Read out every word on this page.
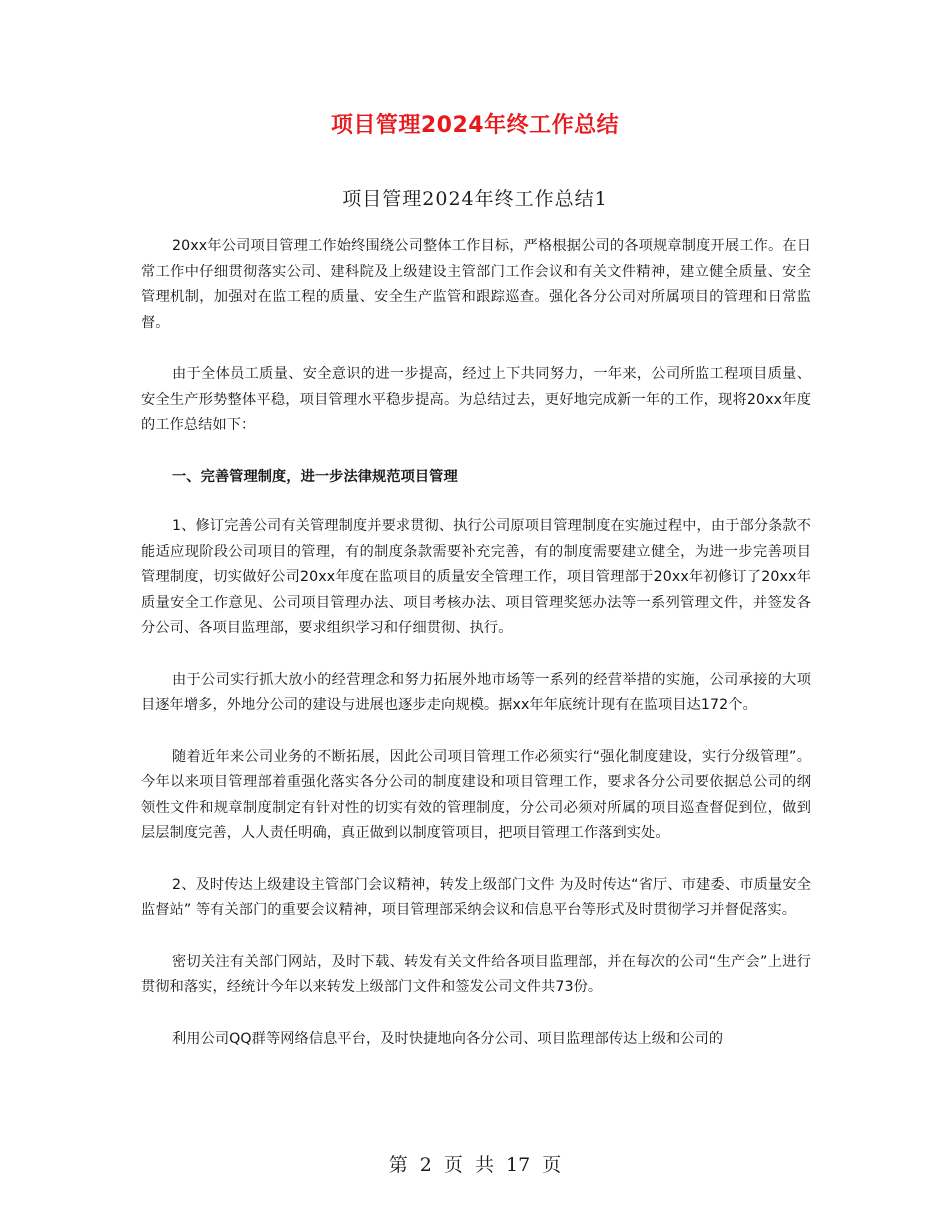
项目管理2024年终工作总结
项目管理2024年终工作总结1

20xx年公司项目管理工作始终围绕公司整体工作目标，严格根据公司的各项规章制度开展工作。在日常工作中仔细贯彻落实公司、建科院及上级建设主管部门工作会议和有关文件精神，建立健全质量、安全管理机制，加强对在监工程的质量、安全生产监管和跟踪巡查。强化各分公司对所属项目的管理和日常监督。

由于全体员工质量、安全意识的进一步提高，经过上下共同努力，一年来，公司所监工程项目质量、安全生产形势整体平稳，项目管理水平稳步提高。为总结过去，更好地完成新一年的工作，现将20xx年度的工作总结如下：

一、完善管理制度，进一步法律规范项目管理

1、修订完善公司有关管理制度并要求贯彻、执行公司原项目管理制度在实施过程中，由于部分条款不能适应现阶段公司项目的管理，有的制度条款需要补充完善，有的制度需要建立健全，为进一步完善项目管理制度，切实做好公司20xx年度在监项目的质量安全管理工作，项目管理部于20xx年初修订了20xx年质量安全工作意见、公司项目管理办法、项目考核办法、项目管理奖惩办法等一系列管理文件，并签发各分公司、各项目监理部，要求组织学习和仔细贯彻、执行。

由于公司实行抓大放小的经营理念和努力拓展外地市场等一系列的经营举措的实施，公司承接的大项目逐年增多，外地分公司的建设与进展也逐步走向规模。据xx年年底统计现有在监项目达172个。

随着近年来公司业务的不断拓展，因此公司项目管理工作必须实行“强化制度建设，实行分级管理”。今年以来项目管理部着重强化落实各分公司的制度建设和项目管理工作，要求各分公司要依据总公司的纲领性文件和规章制度制定有针对性的切实有效的管理制度，分公司必须对所属的项目巡查督促到位，做到层层制度完善，人人责任明确，真正做到以制度管项目，把项目管理工作落到实处。

2、及时传达上级建设主管部门会议精神，转发上级部门文件 为及时传达“省厅、市建委、市质量安全监督站” 等有关部门的重要会议精神，项目管理部采纳会议和信息平台等形式及时贯彻学习并督促落实。

密切关注有关部门网站，及时下载、转发有关文件给各项目监理部，并在每次的公司“生产会”上进行贯彻和落实，经统计今年以来转发上级部门文件和签发公司文件共73份。

利用公司QQ群等网络信息平台，及时快捷地向各分公司、项目监理部传达上级和公司的

第 2 页 共 17 页
